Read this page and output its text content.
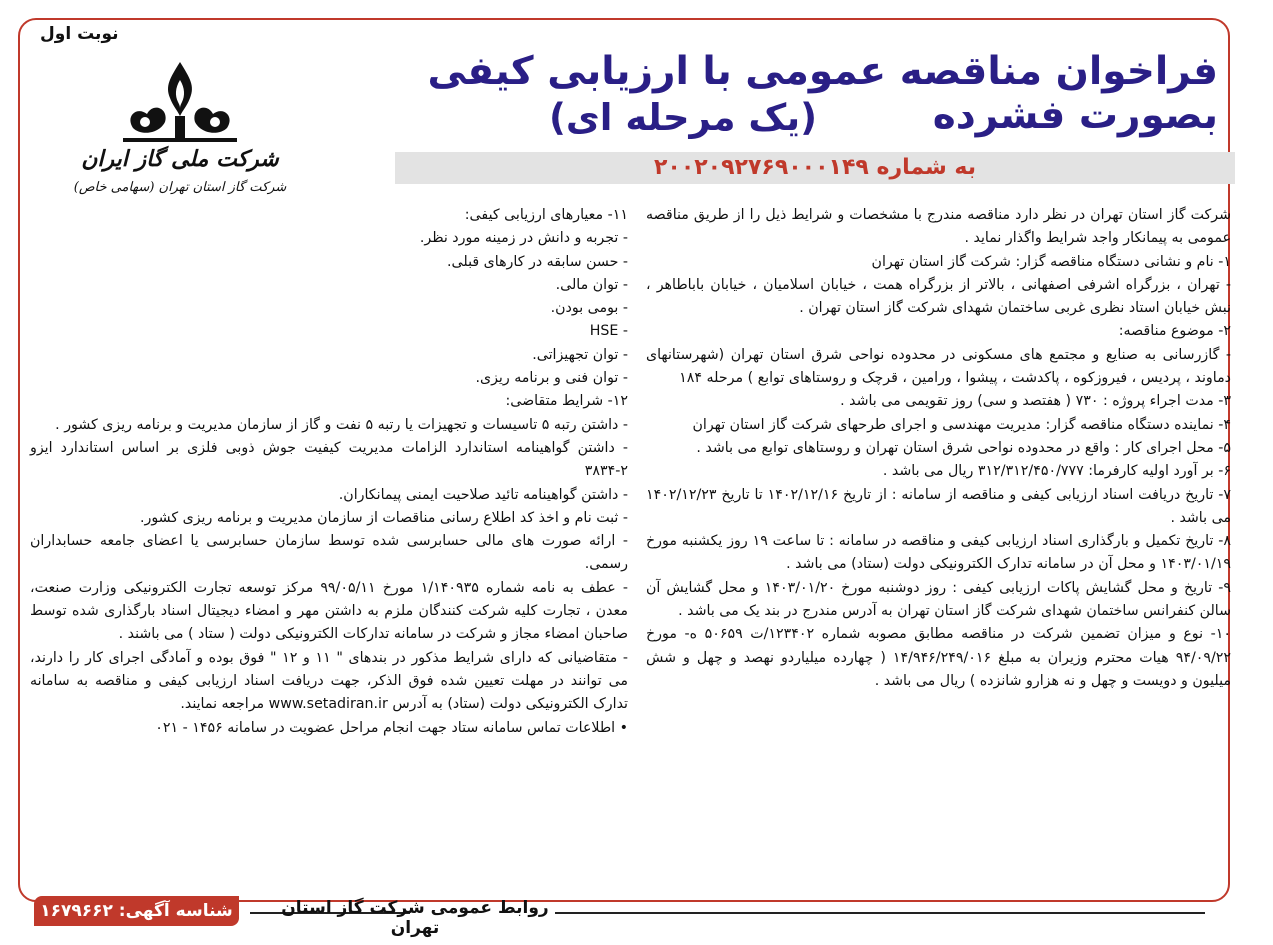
نوبت اول
شرکت ملی گاز ایران
شرکت گاز استان تهران (سهامی خاص)
فراخوان مناقصه عمومی با ارزیابی کیفی بصورت فشرده
(یک مرحله ای)
به شماره ۲۰۰۲۰۹۲۷۶۹۰۰۰۱۴۹

شرکت گاز استان تهران در نظر دارد مناقصه مندرج با مشخصات و شرایط ذیل را از طریق مناقصه عمومی به پیمانکار واجد شرایط واگذار نماید .

۱- نام و نشانی دستگاه مناقصه گزار: شرکت گاز استان تهران

- تهران ، بزرگراه اشرفی اصفهانی ، بالاتر از بزرگراه همت ، خیابان اسلامیان ، خیابان باباطاهر ، نبش خیابان استاد نظری غربی ساختمان شهدای شرکت گاز استان تهران .

۲- موضوع مناقصه:

- گازرسانی به صنایع و مجتمع های مسکونی در محدوده نواحی شرق استان تهران (شهرستانهای دماوند ، پردیس ، فیروزکوه ، پاکدشت ، پیشوا ، ورامین ، قرچک و روستاهای توابع ) مرحله ۱۸۴

۳- مدت اجراء پروژه : ۷۳۰ ( هفتصد و سی) روز تقویمی می باشد .

۴- نماینده دستگاه مناقصه گزار: مدیریت مهندسی و اجرای طرحهای شرکت گاز استان تهران

۵- محل اجرای کار : واقع در محدوده نواحی شرق استان تهران و روستاهای توابع می باشد .

۶- بر آورد اولیه کارفرما: ۳۱۲/۳۱۲/۴۵۰/۷۷۷ ریال می باشد .

۷- تاریخ دریافت اسناد ارزیابی کیفی و مناقصه از سامانه : از تاریخ ۱۴۰۲/۱۲/۱۶ تا تاریخ ۱۴۰۲/۱۲/۲۳ می باشد .

۸- تاریخ تکمیل و بارگذاری اسناد ارزیابی کیفی و مناقصه در سامانه : تا ساعت ۱۹ روز یکشنبه مورخ ۱۴۰۳/۰۱/۱۹ و محل آن در سامانه تدارک الکترونیکی دولت (ستاد) می باشد .

۹- تاریخ و محل گشایش پاکات ارزیابی کیفی : روز دوشنبه مورخ ۱۴۰۳/۰۱/۲۰ و محل گشایش آن سالن کنفرانس ساختمان شهدای شرکت گاز استان تهران به آدرس مندرج در بند یک می باشد .

۱۰- نوع و میزان تضمین شرکت در مناقصه مطابق مصوبه شماره ۱۲۳۴۰۲/ت ۵۰۶۵۹ ه- مورخ ۹۴/۰۹/۲۲ هیات محترم وزیران به مبلغ ۱۴/۹۴۶/۲۴۹/۰۱۶ ( چهارده میلیاردو نهصد و چهل و شش میلیون و دویست و چهل و نه هزارو شانزده ) ریال می باشد .

۱۱- معیارهای ارزیابی کیفی:

- تجربه و دانش در زمینه مورد نظر.

- حسن سابقه در کارهای قبلی.

- توان مالی.

- بومی بودن.

- HSE

- توان تجهیزاتی.

- توان فنی و برنامه ریزی.

۱۲- شرایط متقاضی:

- داشتن رتبه ۵ تاسیسات و تجهیزات یا رتبه ۵ نفت و گاز از سازمان مدیریت و برنامه ریزی کشور .

- داشتن گواهینامه استاندارد الزامات مدیریت کیفیت جوش ذوبی فلزی بر اساس استاندارد ایزو ۲-۳۸۳۴

- داشتن گواهینامه تائید صلاحیت ایمنی پیمانکاران.

- ثبت نام و اخذ کد اطلاع رسانی مناقصات از سازمان مدیریت و برنامه ریزی کشور.

- ارائه صورت های مالی حسابرسی شده توسط سازمان حسابرسی یا اعضای جامعه حسابداران رسمی.

- عطف به نامه شماره ۱/۱۴۰۹۳۵ مورخ ۹۹/۰۵/۱۱ مرکز توسعه تجارت الکترونیکی وزارت صنعت، معدن ، تجارت کلیه شرکت کنندگان ملزم به داشتن مهر و امضاء دیجیتال اسناد بارگذاری شده توسط صاحبان امضاء مجاز و شرکت در سامانه تدارکات الکترونیکی دولت ( ستاد ) می باشند .

- متقاضیانی که دارای شرایط مذکور در بندهای " ۱۱ و ۱۲ " فوق بوده و آمادگی اجرای کار را دارند، می توانند در مهلت تعیین شده فوق الذکر، جهت دریافت اسناد ارزیابی کیفی و مناقصه به سامانه تدارک الکترونیکی دولت (ستاد) به آدرس www.setadiran.ir مراجعه نمایند.

• اطلاعات تماس سامانه ستاد جهت انجام مراحل عضویت در سامانه ۱۴۵۶ - ۰۲۱

روابط عمومی شرکت گاز استان تهران
شناسه آگهی: ۱۶۷۹۶۶۲
